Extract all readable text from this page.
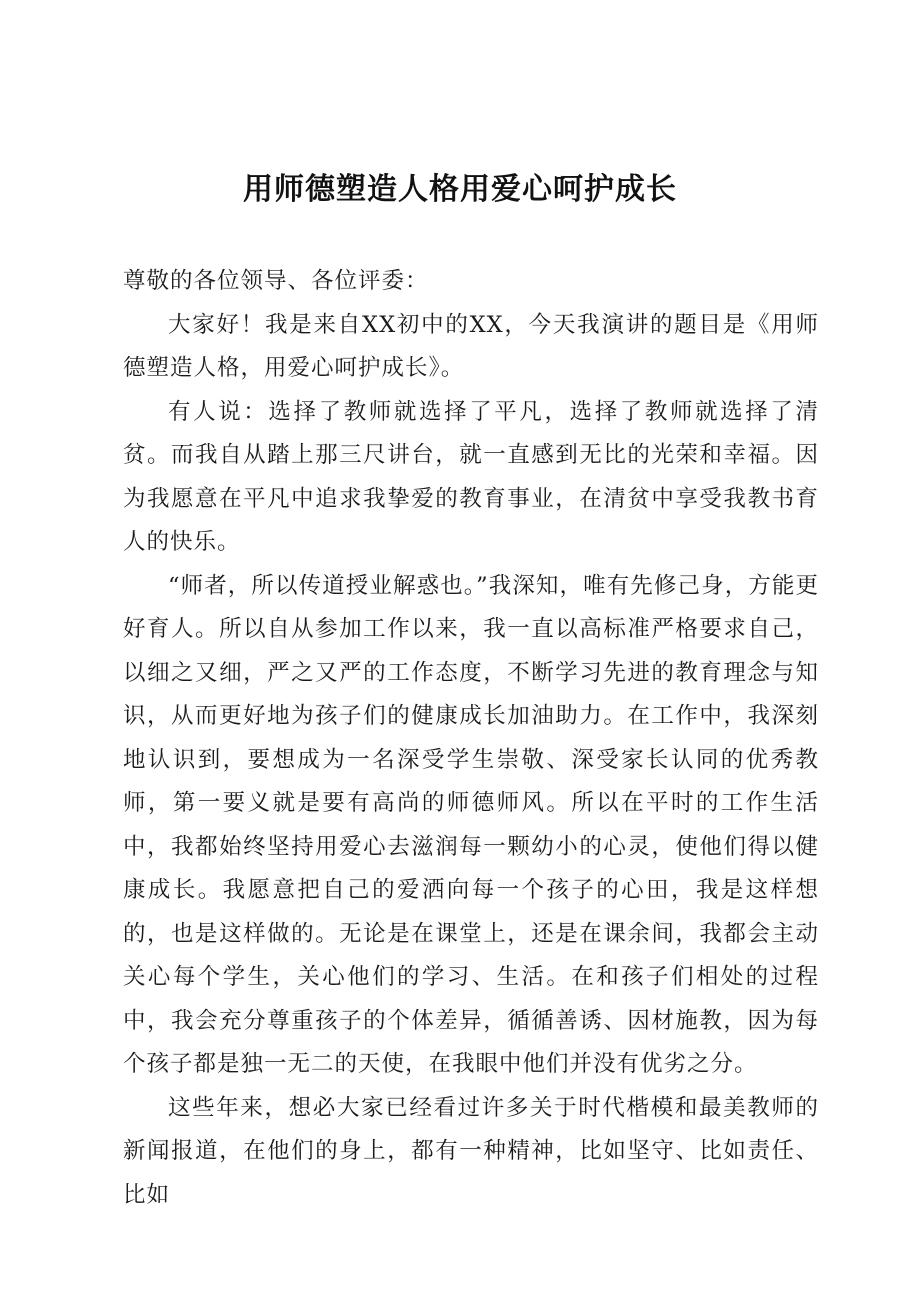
用师德塑造人格用爱心呵护成长

尊敬的各位领导、各位评委：

大家好！我是来自XX初中的XX，今天我演讲的题目是《用师德塑造人格，用爱心呵护成长》。

有人说：选择了教师就选择了平凡，选择了教师就选择了清贫。而我自从踏上那三尺讲台，就一直感到无比的光荣和幸福。因为我愿意在平凡中追求我挚爱的教育事业，在清贫中享受我教书育人的快乐。

“师者，所以传道授业解惑也。”我深知，唯有先修己身，方能更好育人。所以自从参加工作以来，我一直以高标准严格要求自己，以细之又细，严之又严的工作态度，不断学习先进的教育理念与知识，从而更好地为孩子们的健康成长加油助力。在工作中，我深刻地认识到，要想成为一名深受学生崇敬、深受家长认同的优秀教师，第一要义就是要有高尚的师德师风。所以在平时的工作生活中，我都始终坚持用爱心去滋润每一颗幼小的心灵，使他们得以健康成长。我愿意把自己的爱洒向每一个孩子的心田，我是这样想的，也是这样做的。无论是在课堂上，还是在课余间，我都会主动关心每个学生，关心他们的学习、生活。在和孩子们相处的过程中，我会充分尊重孩子的个体差异，循循善诱、因材施教，因为每个孩子都是独一无二的天使，在我眼中他们并没有优劣之分。

这些年来，想必大家已经看过许多关于时代楷模和最美教师的新闻报道，在他们的身上，都有一种精神，比如坚守、比如责任、比如
